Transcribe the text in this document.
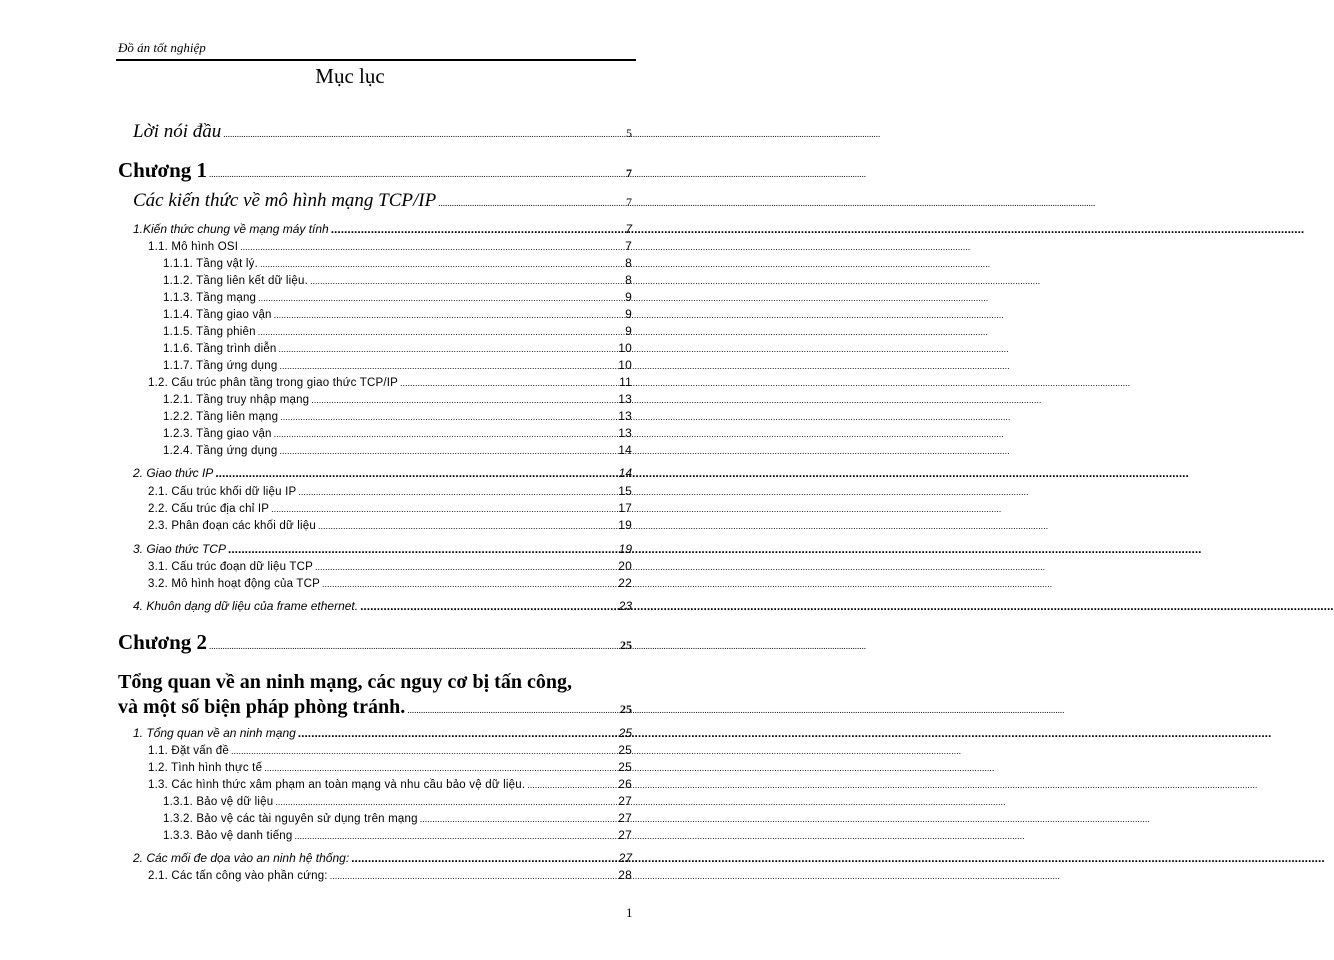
Đồ án tốt nghiệp
Mục lục
Lời nói đầu .....	5
Chương 1 .....	7
Các kiến thức về mô hình mạng TCP/IP .....	7
1.Kiến thức chung về mạng máy tính .....	7
1.1. Mô hình OSI .....	7
1.1.1. Tầng vật lý. .....	8
1.1.2. Tầng liên kết dữ liệu. .....	8
1.1.3. Tầng mạng .....	9
1.1.4. Tầng giao vận .....	9
1.1.5. Tầng phiên .....	9
1.1.6. Tầng trình diễn .....	10
1.1.7. Tầng ứng dụng .....	10
1.2. Cấu trúc phân tầng trong giao thức TCP/IP .....	11
1.2.1. Tầng truy nhập mạng .....	13
1.2.2. Tầng liên mạng .....	13
1.2.3. Tầng giao vận .....	13
1.2.4. Tầng ứng dụng .....	14
2. Giao thức IP .....	14
2.1. Cấu trúc khối dữ liệu IP .....	15
2.2. Cấu trúc địa chỉ IP .....	17
2.3. Phân đoạn các khối dữ liệu .....	19
3. Giao thức TCP .....	19
3.1. Cấu trúc đoạn dữ liệu TCP .....	20
3.2. Mô hình hoạt động của TCP .....	22
4. Khuôn dạng dữ liệu của frame ethernet. .....	23
Chương 2 .....	25
Tổng quan về an ninh mạng, các nguy cơ bị tấn công,
và một số biện pháp phòng tránh. .....	25
1. Tổng quan về an ninh mạng .....	25
1.1. Đặt vấn đề .....	25
1.2. Tình hình thực tế .....	25
1.3. Các hình thức xâm phạm an toàn mạng và nhu cầu bảo vệ dữ liệu. .....	26
1.3.1. Bảo vệ dữ liệu .....	27
1.3.2. Bảo vệ các tài nguyên sử dụng trên mạng .....	27
1.3.3. Bảo vệ danh tiếng .....	27
2. Các mối đe dọa vào an ninh hệ thống: .....	27
2.1. Các tấn công vào phần cứng: .....	28
1
